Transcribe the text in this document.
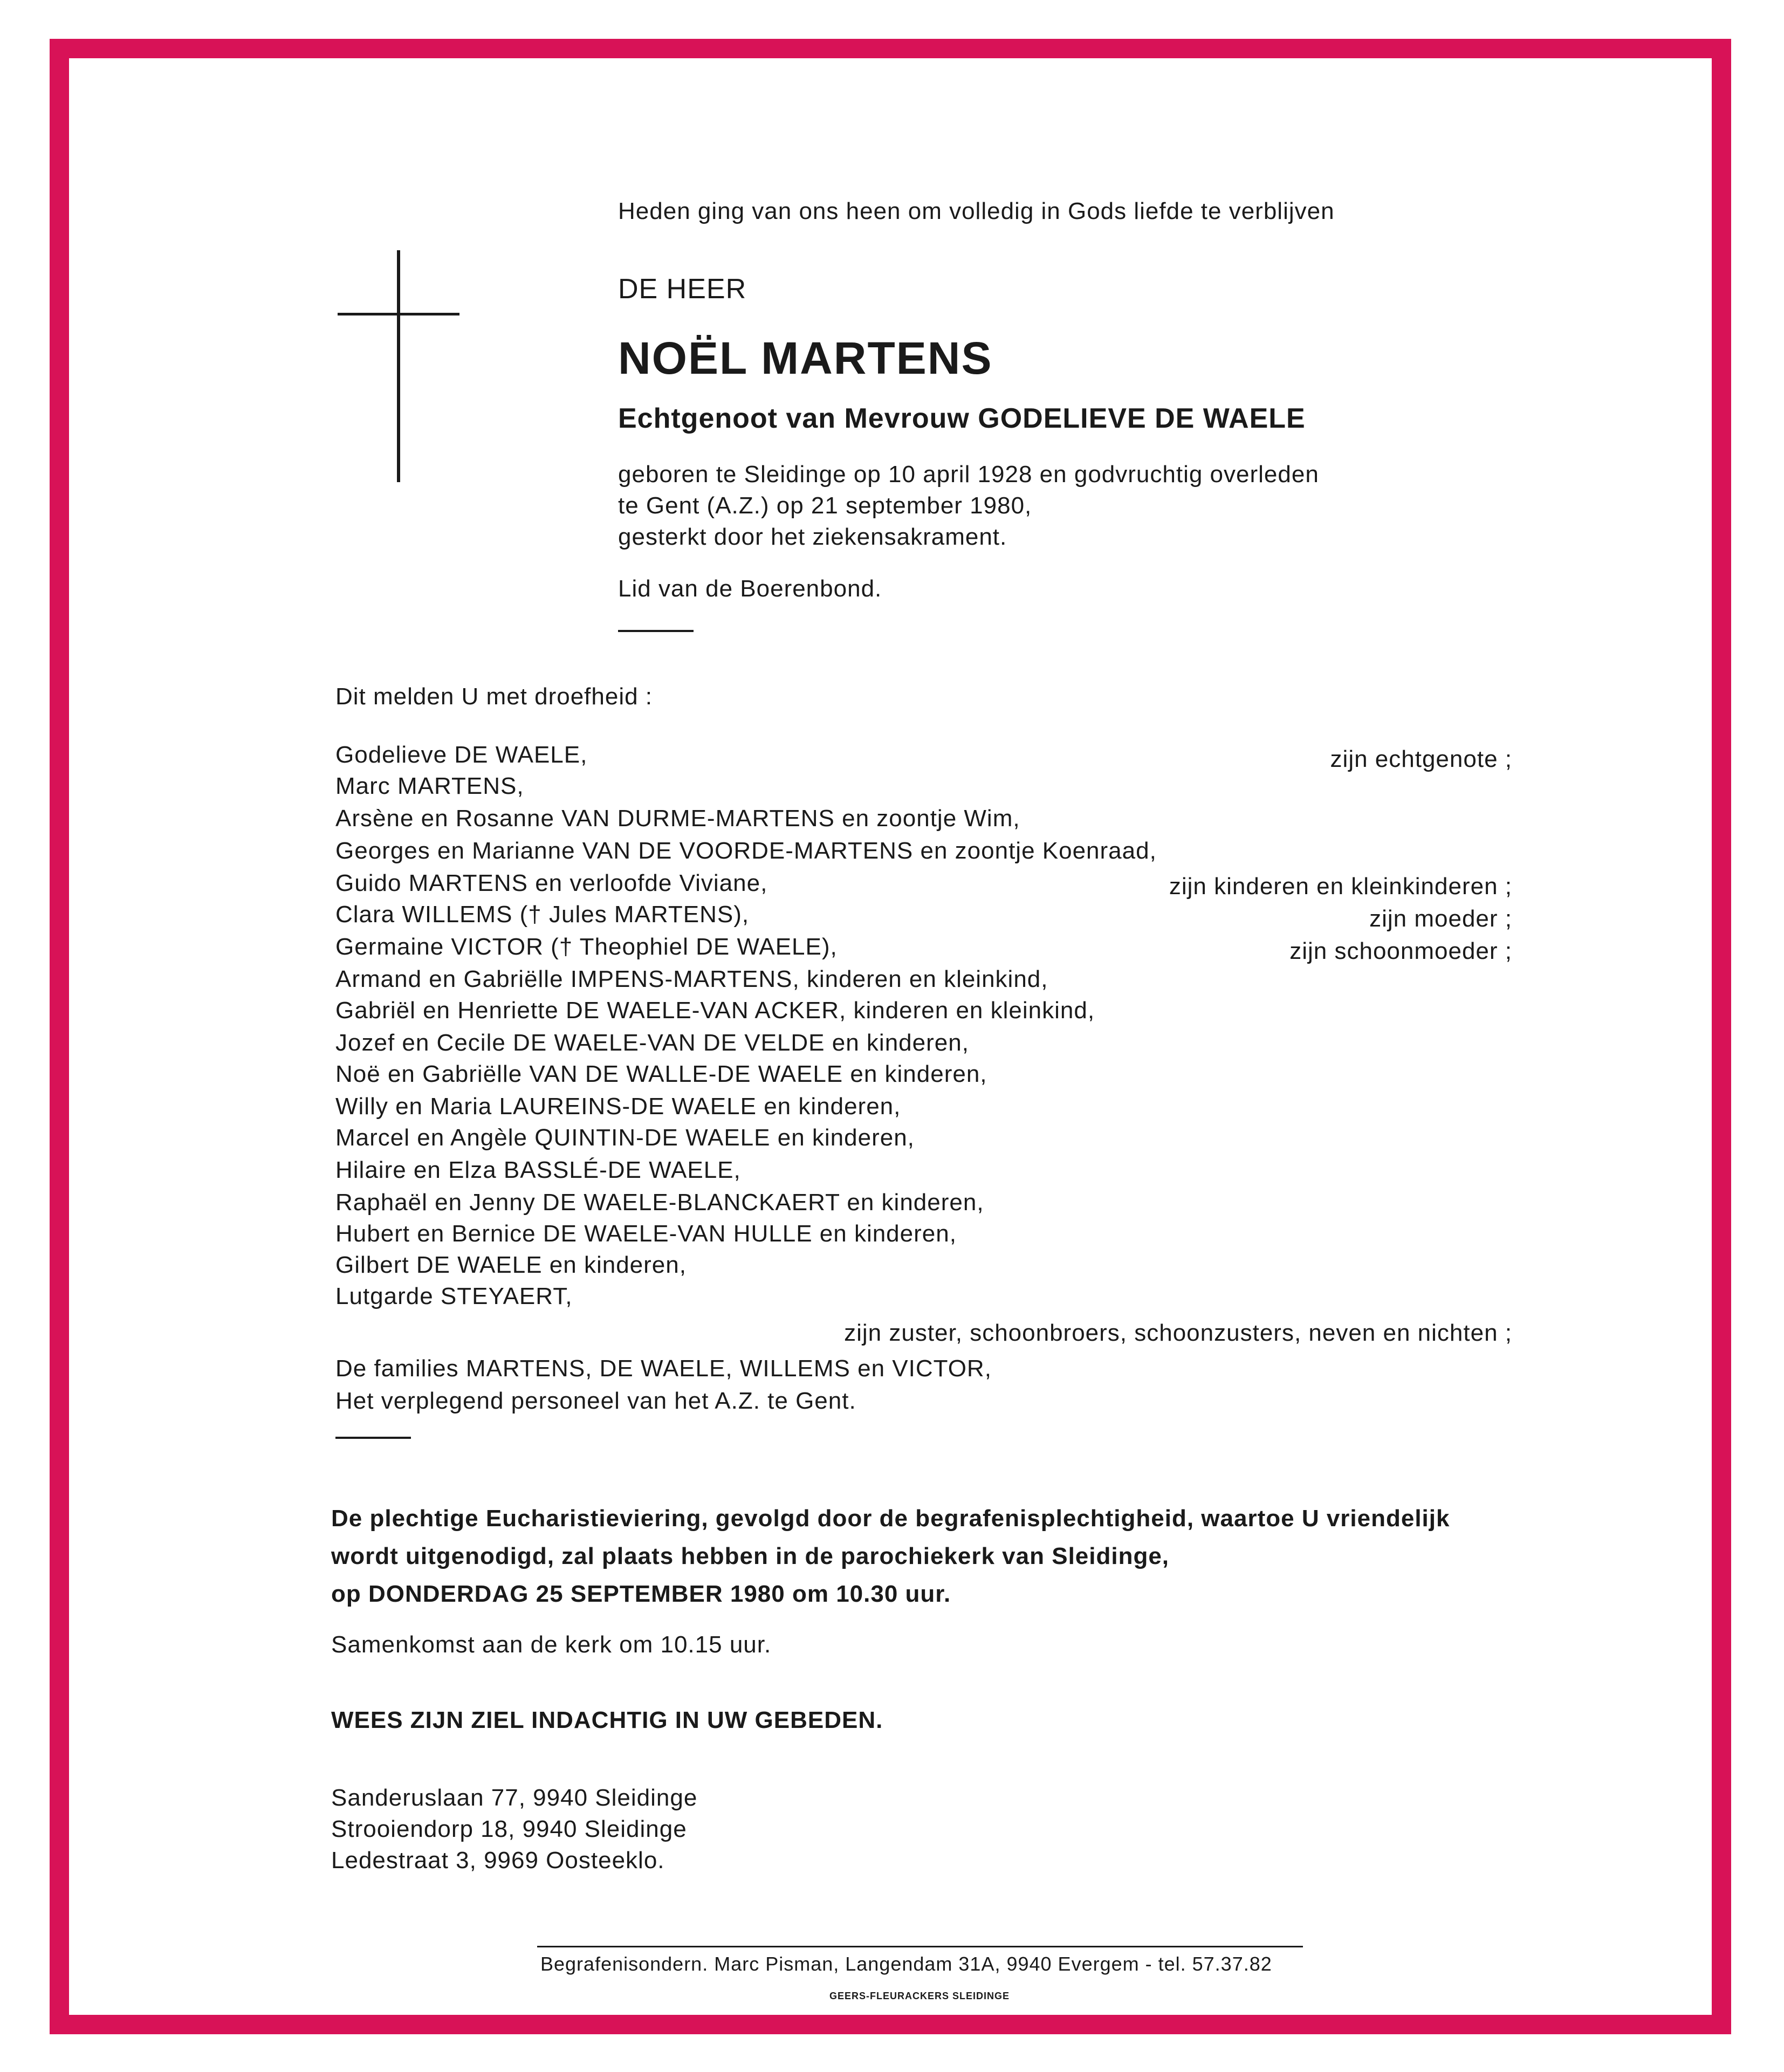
Heden ging van ons heen om volledig in Gods liefde te verblijven
DE HEER
NOËL MARTENS
Echtgenoot van Mevrouw GODELIEVE DE WAELE
geboren te Sleidinge op 10 april 1928 en godvruchtig overleden
te Gent (A.Z.) op 21 september 1980,
gesterkt door het ziekensakrament.
Lid van de Boerenbond.
Dit melden U met droefheid :
Godelieve DE WAELE,	zijn echtgenote ;
Marc MARTENS,
Arsène en Rosanne VAN DURME-MARTENS en zoontje Wim,
Georges en Marianne VAN DE VOORDE-MARTENS en zoontje Koenraad,
Guido MARTENS en verloofde Viviane,	zijn kinderen en kleinkinderen ;
Clara WILLEMS († Jules MARTENS),	zijn moeder ;
Germaine VICTOR († Theophiel DE WAELE),	zijn schoonmoeder ;
Armand en Gabriëlle IMPENS-MARTENS, kinderen en kleinkind,
Gabriël en Henriette DE WAELE-VAN ACKER, kinderen en kleinkind,
Jozef en Cecile DE WAELE-VAN DE VELDE en kinderen,
Noë en Gabriëlle VAN DE WALLE-DE WAELE en kinderen,
Willy en Maria LAUREINS-DE WAELE en kinderen,
Marcel en Angèle QUINTIN-DE WAELE en kinderen,
Hilaire en Elza BASSLÉ-DE WAELE,
Raphaël en Jenny DE WAELE-BLANCKAERT en kinderen,
Hubert en Bernice DE WAELE-VAN HULLE en kinderen,
Gilbert DE WAELE en kinderen,
Lutgarde STEYAERT,
zijn zuster, schoonbroers, schoonzusters, neven en nichten ;
De families MARTENS, DE WAELE, WILLEMS en VICTOR,
Het verplegend personeel van het A.Z. te Gent.
De plechtige Eucharistieviering, gevolgd door de begrafenisplechtigheid, waartoe U vriendelijk
wordt uitgenodigd, zal plaats hebben in de parochiekerk van Sleidinge,
op DONDERDAG 25 SEPTEMBER 1980 om 10.30 uur.
Samenkomst aan de kerk om 10.15 uur.
WEES ZIJN ZIEL INDACHTIG IN UW GEBEDEN.
Sanderuslaan 77, 9940 Sleidinge
Strooiendorp 18, 9940 Sleidinge
Ledestraat 3, 9969 Oosteeklo.
Begrafenisondern. Marc Pisman, Langendam 31A, 9940 Evergem - tel. 57.37.82
GEERS-FLEURACKERS SLEIDINGE
